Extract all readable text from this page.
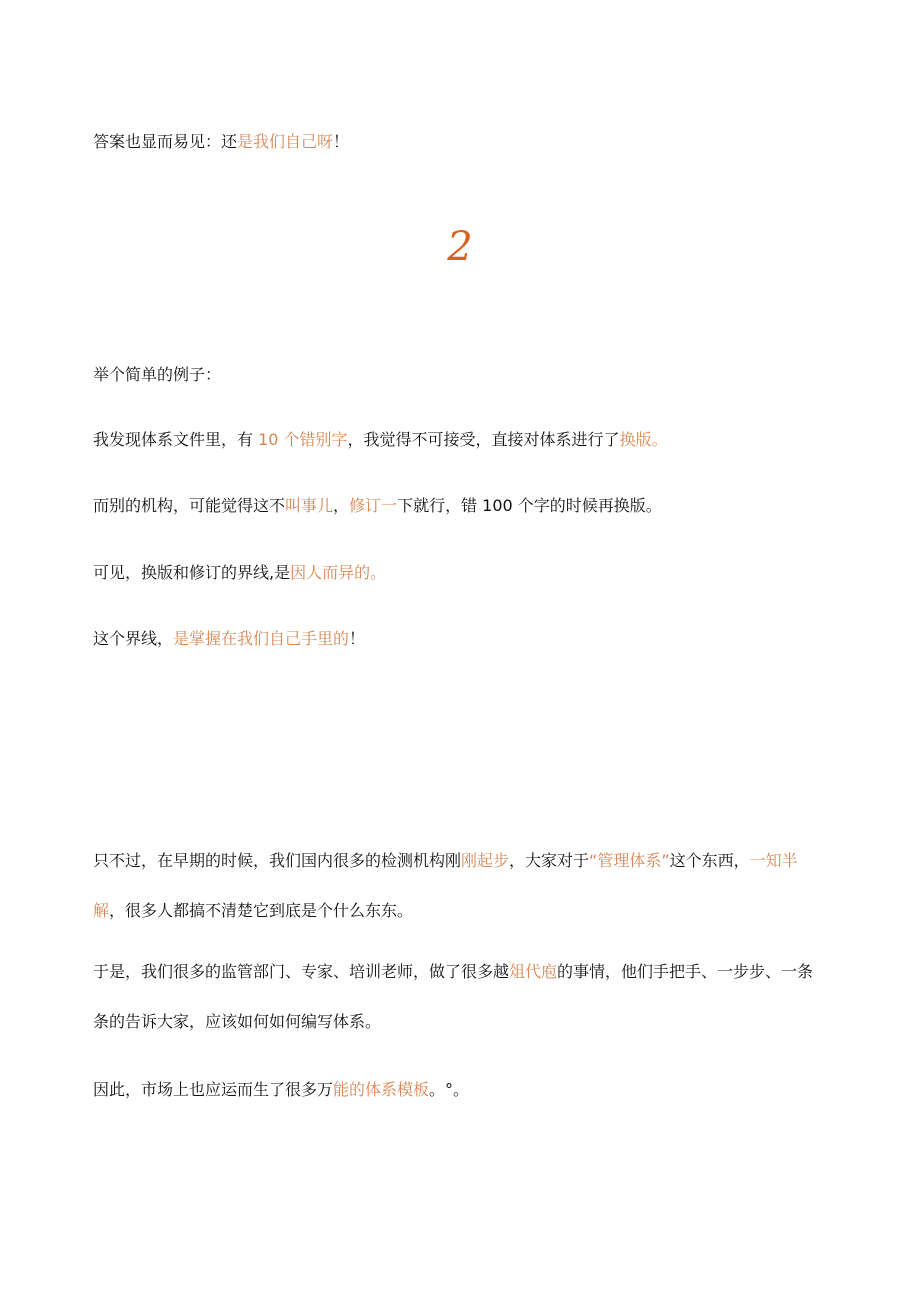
答案也显而易见：还是我们自己呀！

2

举个简单的例子：

我发现体系文件里，有 10 个错别字，我觉得不可接受，直接对体系进行了换版。

而别的机构，可能觉得这不叫事儿，修订一下就行，错 100 个字的时候再换版。

可见，换版和修订的界线,是因人而异的。

这个界线，是掌握在我们自己手里的！

只不过，在早期的时候，我们国内很多的检测机构刚刚起步，大家对于“管理体系”这个东西，一知半解，很多人都搞不清楚它到底是个什么东东。

于是，我们很多的监管部门、专家、培训老师，做了很多越俎代庖的事情，他们手把手、一步步、一条条的告诉大家，应该如何如何编写体系。

因此，市场上也应运而生了很多万能的体系模板。°。
